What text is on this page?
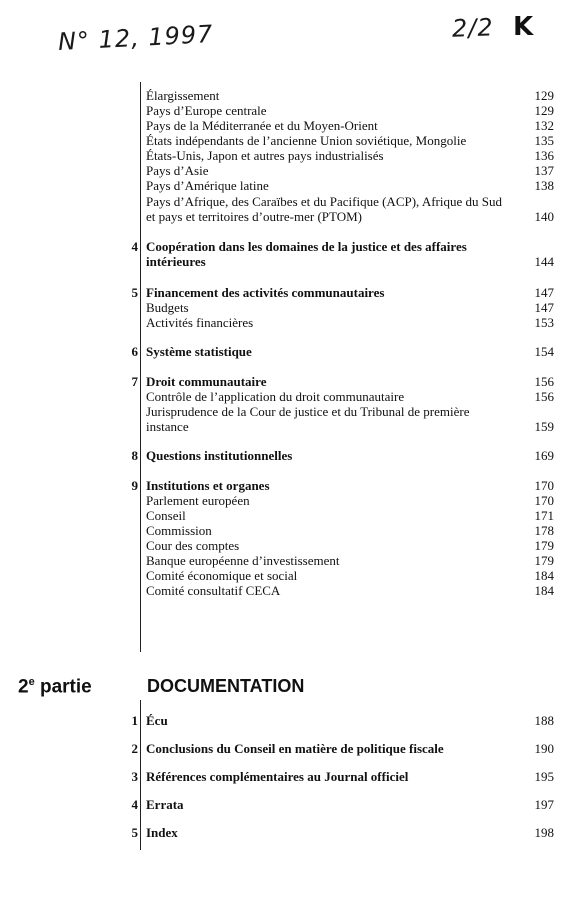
N° 12, 1997	2/2 K
Élargissement	129
Pays d’Europe centrale	129
Pays de la Méditerranée et du Moyen-Orient	132
États indépendants de l’ancienne Union soviétique, Mongolie	135
États-Unis, Japon et autres pays industrialisés	136
Pays d’Asie	137
Pays d’Amérique latine	138
Pays d’Afrique, des Caraïbes et du Pacifique (ACP), Afrique du Sud et pays et territoires d’outre-mer (PTOM)	140
4 Coopération dans les domaines de la justice et des affaires intérieures	144
5 Financement des activités communautaires	147
Budgets	147
Activités financières	153
6 Système statistique	154
7 Droit communautaire	156
Contrôle de l’application du droit communautaire	156
Jurisprudence de la Cour de justice et du Tribunal de première instance	159
8 Questions institutionnelles	169
9 Institutions et organes	170
Parlement européen	170
Conseil	171
Commission	178
Cour des comptes	179
Banque européenne d’investissement	179
Comité économique et social	184
Comité consultatif CECA	184
1 Écu	188
2 Conclusions du Conseil en matière de politique fiscale	190
3 Références complémentaires au Journal officiel	195
4 Errata	197
5 Index	198
2e partie	DOCUMENTATION
